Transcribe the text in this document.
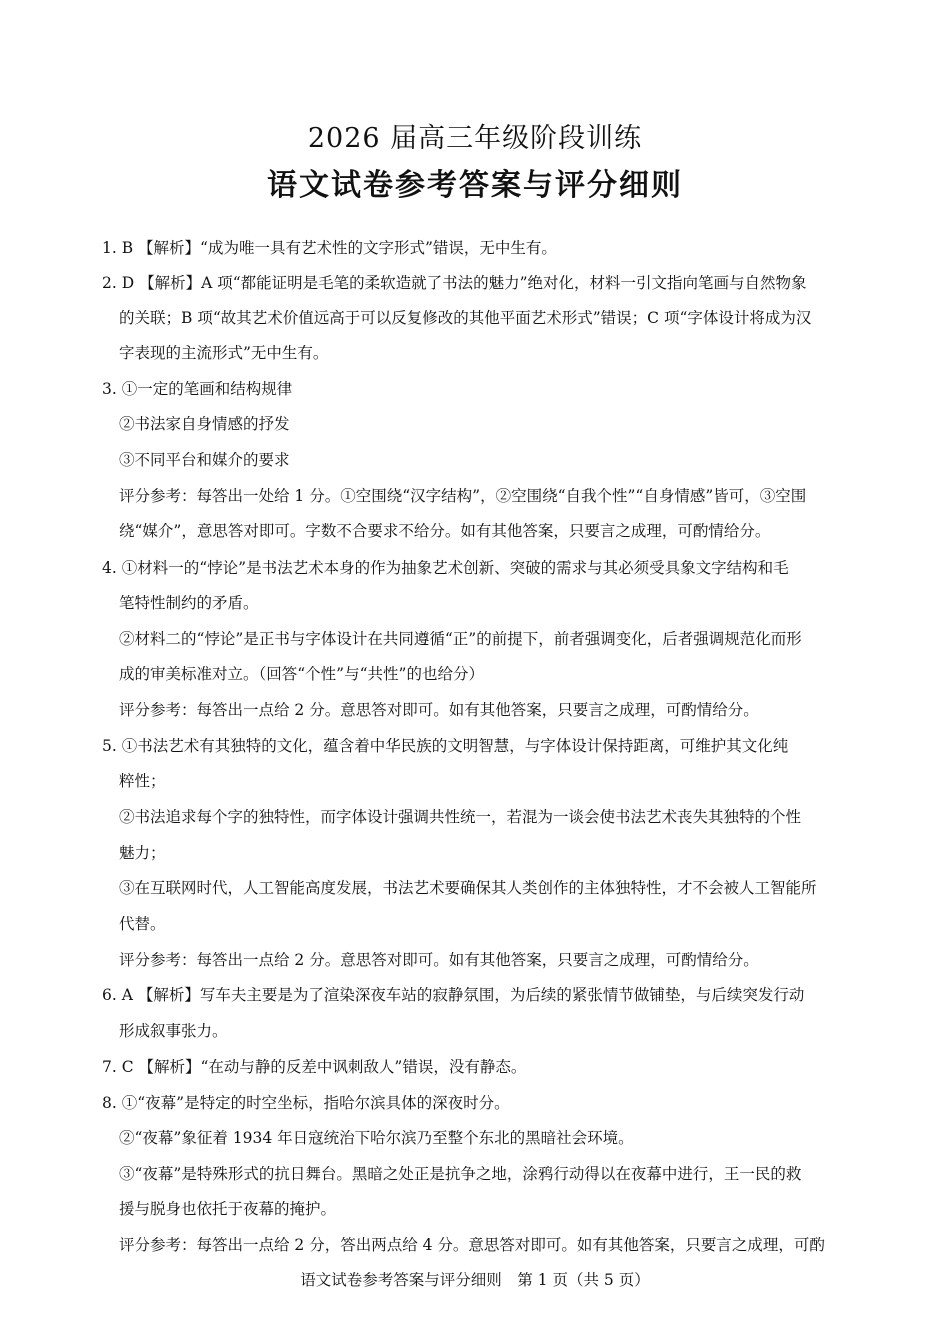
2026 届高三年级阶段训练
语文试卷参考答案与评分细则
1. B 【解析】“成为唯一具有艺术性的文字形式”错误，无中生有。
2. D 【解析】A 项“都能证明是毛笔的柔软造就了书法的魅力”绝对化，材料一引文指向笔画与自然物象
的关联；B 项“故其艺术价值远高于可以反复修改的其他平面艺术形式”错误；C 项“字体设计将成为汉
字表现的主流形式”无中生有。
3. ①一定的笔画和结构规律
②书法家自身情感的抒发
③不同平台和媒介的要求
评分参考：每答出一处给 1 分。①空围绕“汉字结构”，②空围绕“自我个性”“自身情感”皆可，③空围
绕“媒介”，意思答对即可。字数不合要求不给分。如有其他答案，只要言之成理，可酌情给分。
4. ①材料一的“悖论”是书法艺术本身的作为抽象艺术创新、突破的需求与其必须受具象文字结构和毛
笔特性制约的矛盾。
②材料二的“悖论”是正书与字体设计在共同遵循“正”的前提下，前者强调变化，后者强调规范化而形
成的审美标准对立。（回答“个性”与“共性”的也给分）
评分参考：每答出一点给 2 分。意思答对即可。如有其他答案，只要言之成理，可酌情给分。
5. ①书法艺术有其独特的文化，蕴含着中华民族的文明智慧，与字体设计保持距离，可维护其文化纯
粹性；
②书法追求每个字的独特性，而字体设计强调共性统一，若混为一谈会使书法艺术丧失其独特的个性
魅力；
③在互联网时代，人工智能高度发展，书法艺术要确保其人类创作的主体独特性，才不会被人工智能所
代替。
评分参考：每答出一点给 2 分。意思答对即可。如有其他答案，只要言之成理，可酌情给分。
6. A 【解析】写车夫主要是为了渲染深夜车站的寂静氛围，为后续的紧张情节做铺垫，与后续突发行动
形成叙事张力。
7. C 【解析】“在动与静的反差中讽刺敌人”错误，没有静态。
8. ①“夜幕”是特定的时空坐标，指哈尔滨具体的深夜时分。
②“夜幕”象征着 1934 年日寇统治下哈尔滨乃至整个东北的黑暗社会环境。
③“夜幕”是特殊形式的抗日舞台。黑暗之处正是抗争之地，涂鸦行动得以在夜幕中进行，王一民的救
援与脱身也依托于夜幕的掩护。
评分参考：每答出一点给 2 分，答出两点给 4 分。意思答对即可。如有其他答案，只要言之成理，可酌
语文试卷参考答案与评分细则　第 1 页（共 5 页）
